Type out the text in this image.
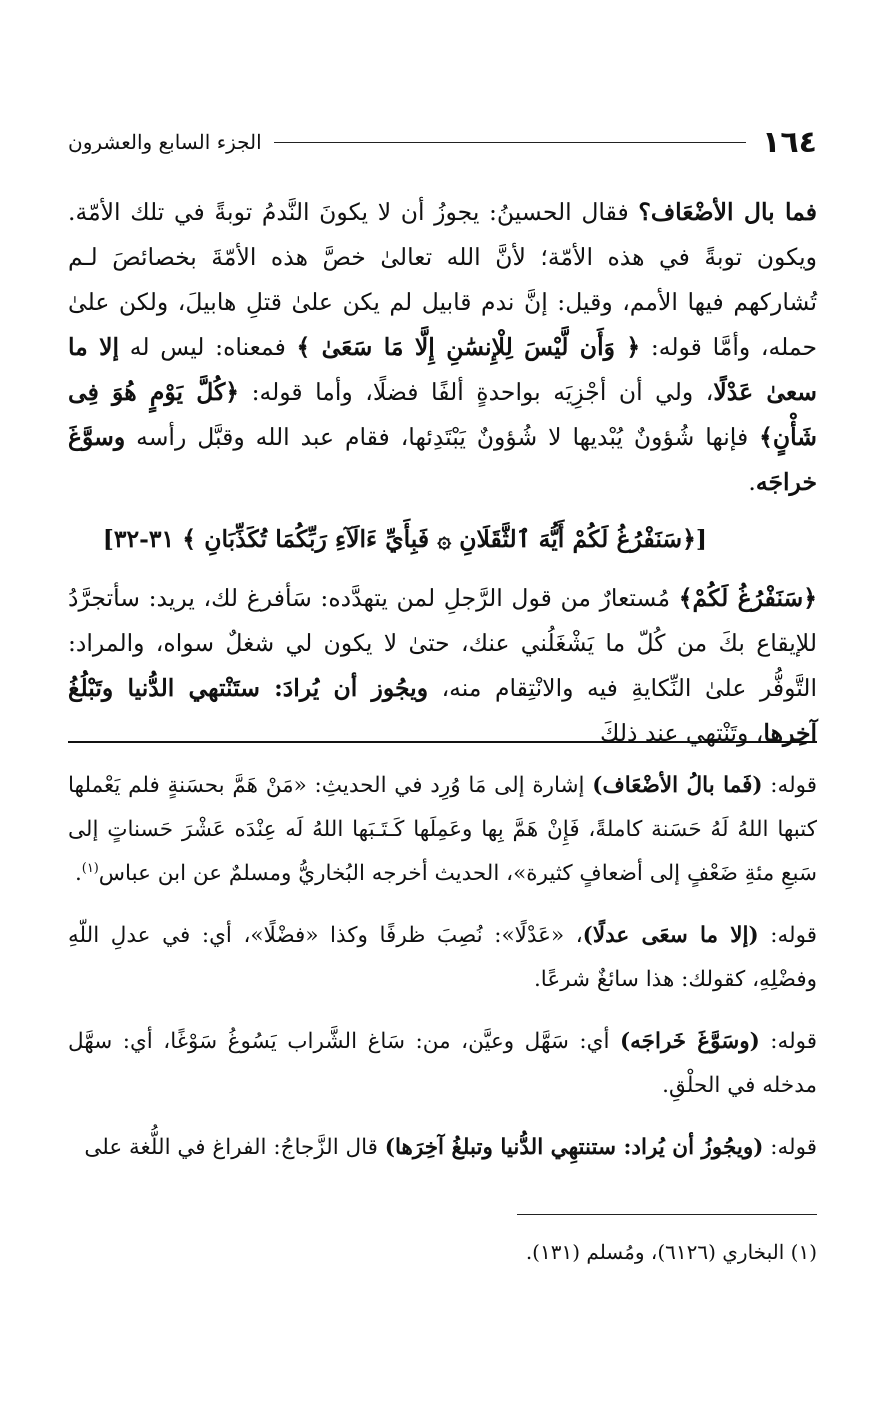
١٦٤
الجزء السابع والعشرون

فما بال الأضْعَاف؟ فقال الحسينُ: يجوزُ أن لا يكونَ النَّدمُ توبةً في تلك الأمّة. ويكون توبةً في هذه الأمّة؛ لأنَّ الله تعالىٰ خصَّ هذه الأمّةَ بخصائصَ لـم تُشاركهم فيها الأمم، وقيل: إنَّ ندم قابيل لم يكن علىٰ قتلِ هابيلَ، ولكن علىٰ حمله، وأمَّا قوله: ﴿ وَأَن لَّيْسَ لِلْإِنسَٰنِ إِلَّا مَا سَعَىٰ ﴾ فمعناه: ليس له إلا ما سعىٰ عَدْلًا، ولي أن أجْزِيَه بواحدةٍ ألفًا فضلًا، وأما قوله: ﴿كُلَّ يَوْمٍ هُوَ فِى شَأْنٍ﴾ فإنها شُؤونٌ يُبْديها لا شُؤونٌ يَبْتَدِئها، فقام عبد الله وقبَّل رأسه وسوَّغَ خراجَه.

[﴿سَنَفْرُغُ لَكُمْ أَيُّهَ ٱلثَّقَلَانِ ۞ فَبِأَيِّ ءَالَآءِ رَبِّكُمَا تُكَذِّبَانِ ﴾ ٣١-٣٢]

﴿سَنَفْرُغُ لَكُمْ﴾ مُستعارٌ من قول الرَّجلِ لمن يتهدَّده: سَأفرغ لك، يريد: سأتجرَّدُ للإيقاع بكَ من كُلّ ما يَشْغَلُني عنك، حتىٰ لا يكون لي شغلٌ سواه، والمراد: التَّوفُّر علىٰ النِّكايةِ فيه والانْتِقام منه، ويجُوز أن يُرادَ: ستَنْتهي الدُّنيا وتَبْلُغُ آخِرها، وتَنْتهي عند ذلكَ

قوله: (فَما بالُ الأضْعَاف) إشارة إلى مَا وُرِد في الحديثِ: «مَنْ هَمَّ بحسَنةٍ فلم يَعْملها كتبها اللهُ لَهُ حَسَنة كاملةً، فَإِنْ هَمَّ بِها وعَمِلَها كَـتَـبَها اللهُ لَه عِنْدَه عَشْرَ حَسناتٍ إلى سَبعِ مئةِ ضَعْفٍ إلى أضعافٍ كثيرة»، الحديث أخرجه البُخاريُّ ومسلمٌ عن ابن عباس$^{(١)}$.

قوله: (إلا ما سعَى عدلًا)، «عَدْلًا»: نُصِبَ ظرفًا وكذا «فضْلًا»، أي: في عدلِ اللّهِ وفضْلِهِ، كقولك: هذا سائغٌ شرعًا.

قوله: (وسَوَّغَ خَراجَه) أي: سَهَّل وعيَّن، من: سَاغ الشَّراب يَسُوغُ سَوْغًا، أي: سهَّل مدخله في الحلْقِ.

قوله: (ويجُوزُ أن يُراد: ستنتهِي الدُّنيا وتبلغُ آخِرَها) قال الزَّجاجُ: الفراغ في اللُّغة على

(١) البخاري (٦١٢٦)، ومُسلم (١٣١).
